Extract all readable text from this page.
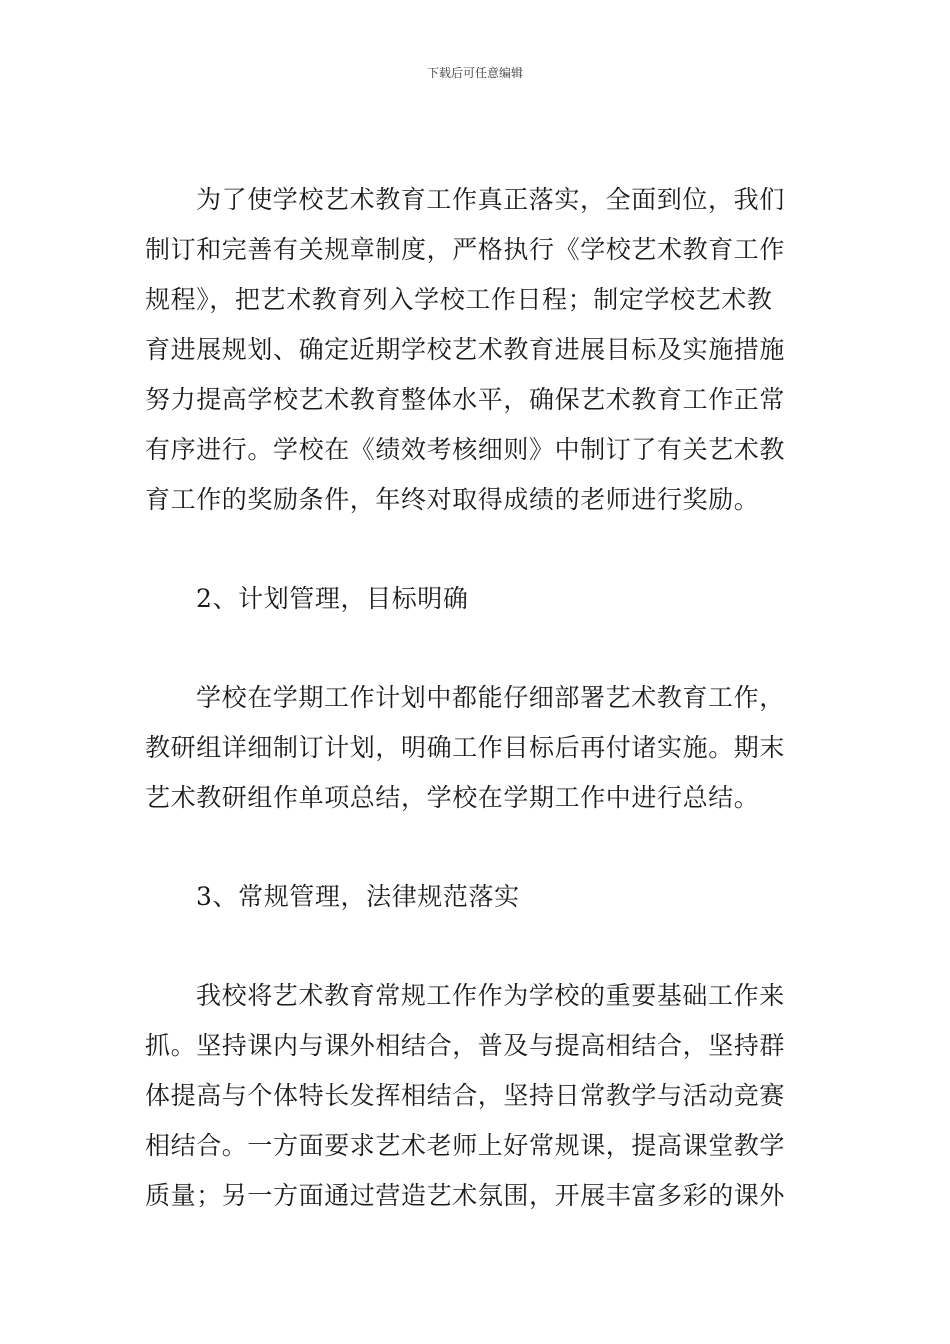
下载后可任意编辑
为了使学校艺术教育工作真正落实，全面到位，我们
制订和完善有关规章制度，严格执行《学校艺术教育工作
规程》，把艺术教育列入学校工作日程；制定学校艺术教
育进展规划、确定近期学校艺术教育进展目标及实施措施
努力提高学校艺术教育整体水平，确保艺术教育工作正常
有序进行。学校在《绩效考核细则》中制订了有关艺术教
育工作的奖励条件，年终对取得成绩的老师进行奖励。
2、计划管理，目标明确
学校在学期工作计划中都能仔细部署艺术教育工作，
教研组详细制订计划，明确工作目标后再付诸实施。期末
艺术教研组作单项总结，学校在学期工作中进行总结。
3、常规管理，法律规范落实
我校将艺术教育常规工作作为学校的重要基础工作来
抓。坚持课内与课外相结合，普及与提高相结合，坚持群
体提高与个体特长发挥相结合，坚持日常教学与活动竞赛
相结合。一方面要求艺术老师上好常规课，提高课堂教学
质量；另一方面通过营造艺术氛围，开展丰富多彩的课外
